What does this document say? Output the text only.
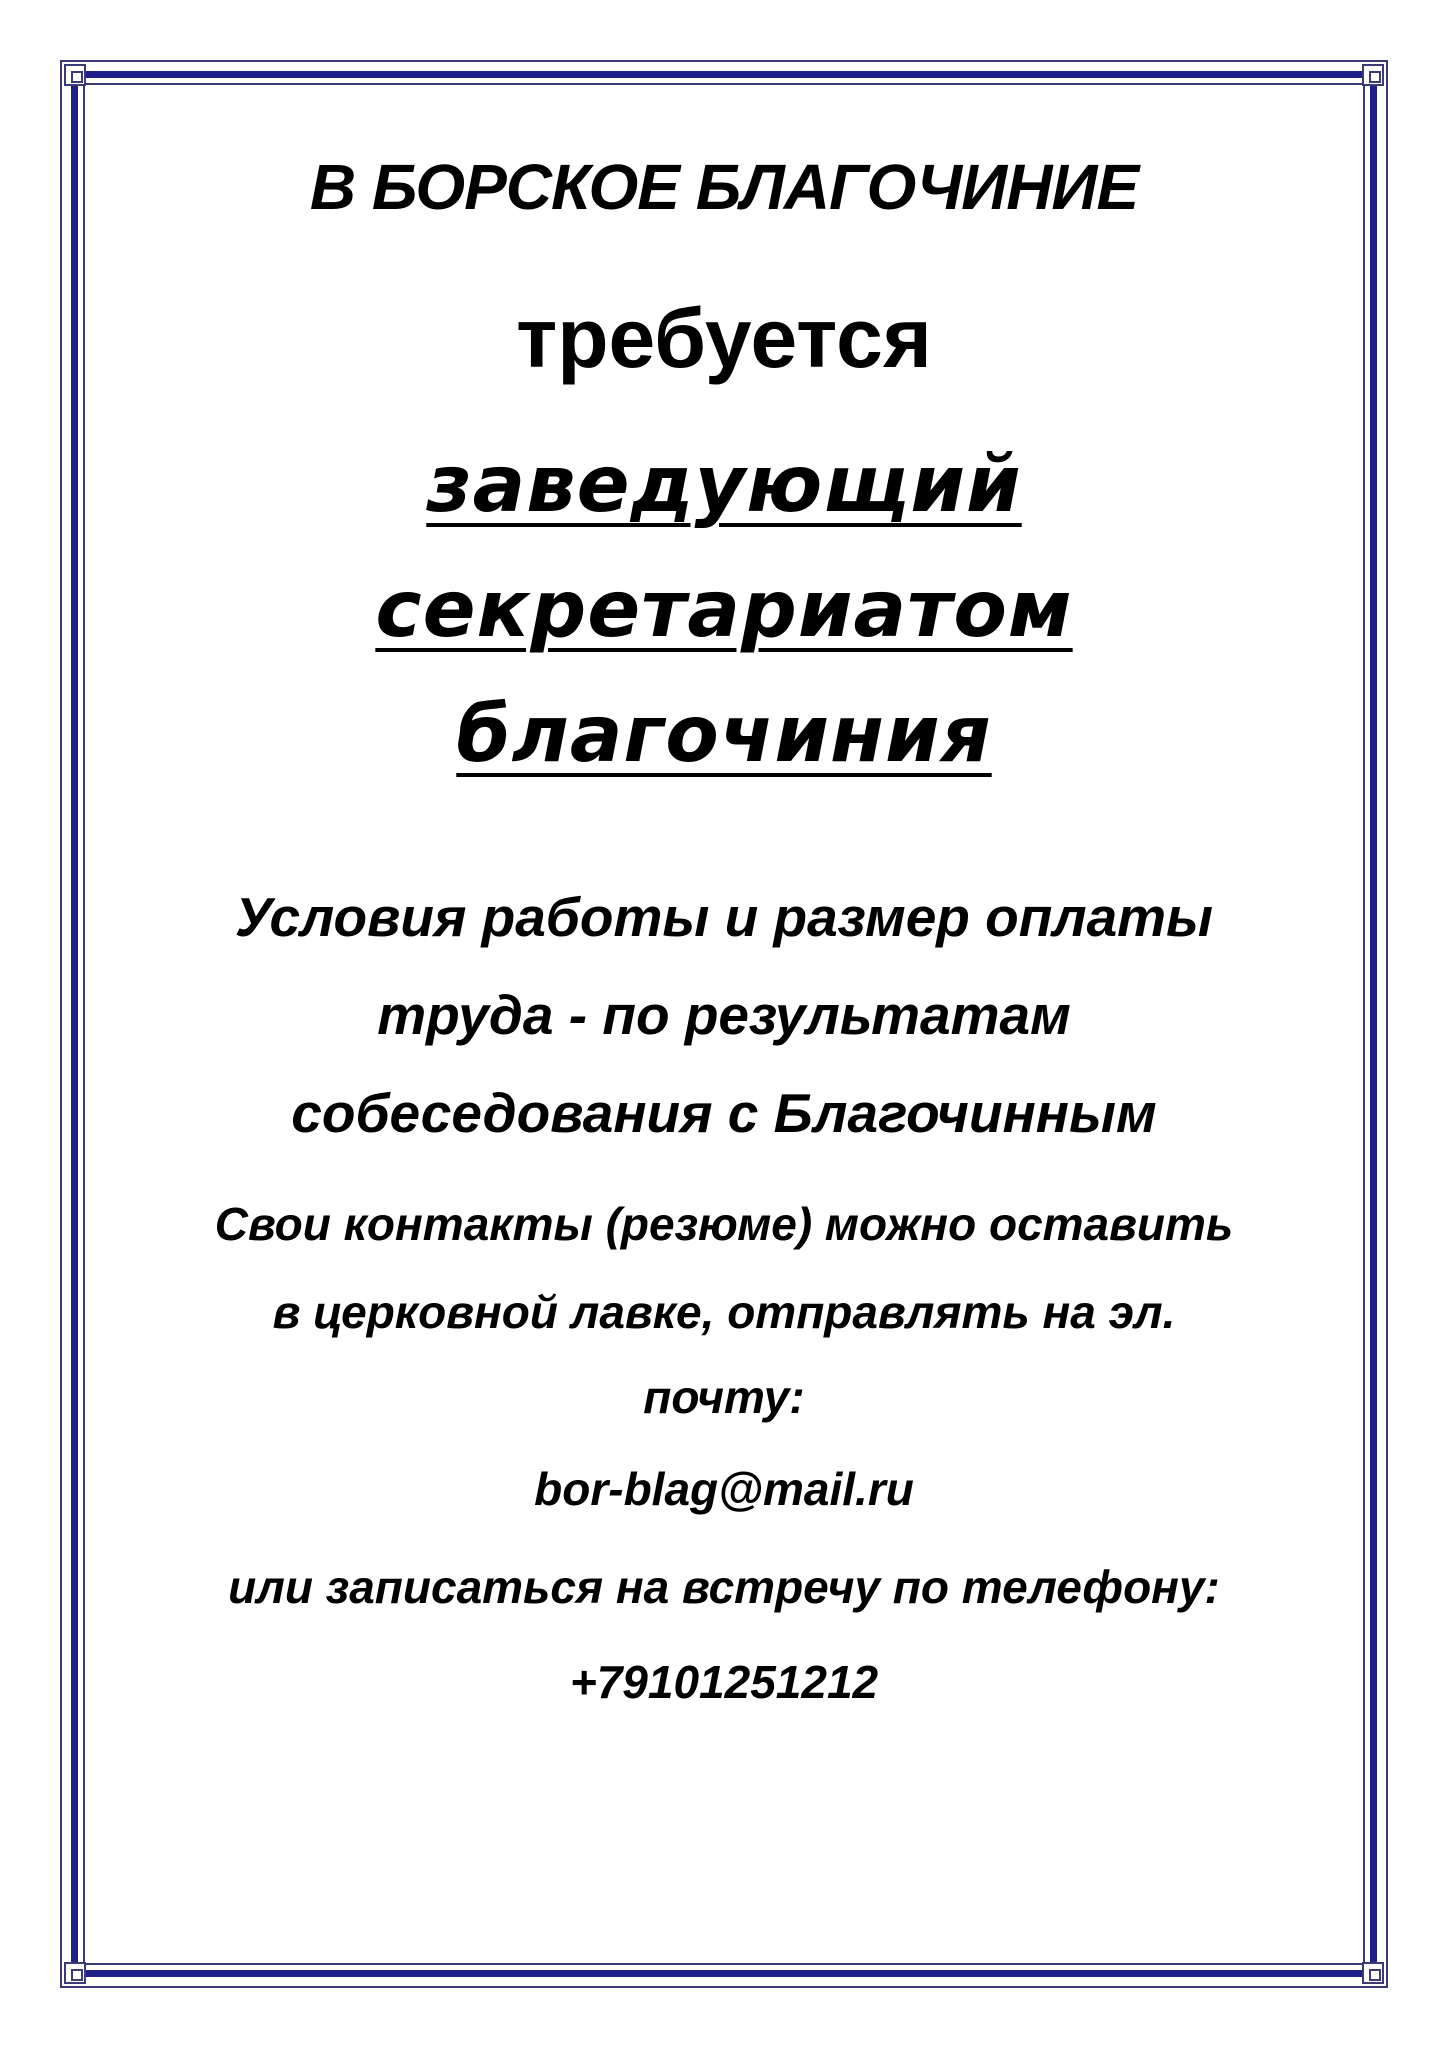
В БОРСКОЕ БЛАГОЧИНИЕ
требуется
заведующий
секретариатом
благочиния
Условия работы и размер оплаты
труда - по результатам
собеседования с Благочинным
Свои контакты (резюме) можно оставить
в церковной лавке, отправлять на эл.
почту:
bor-blag@mail.ru
или записаться на встречу по телефону:
+79101251212
